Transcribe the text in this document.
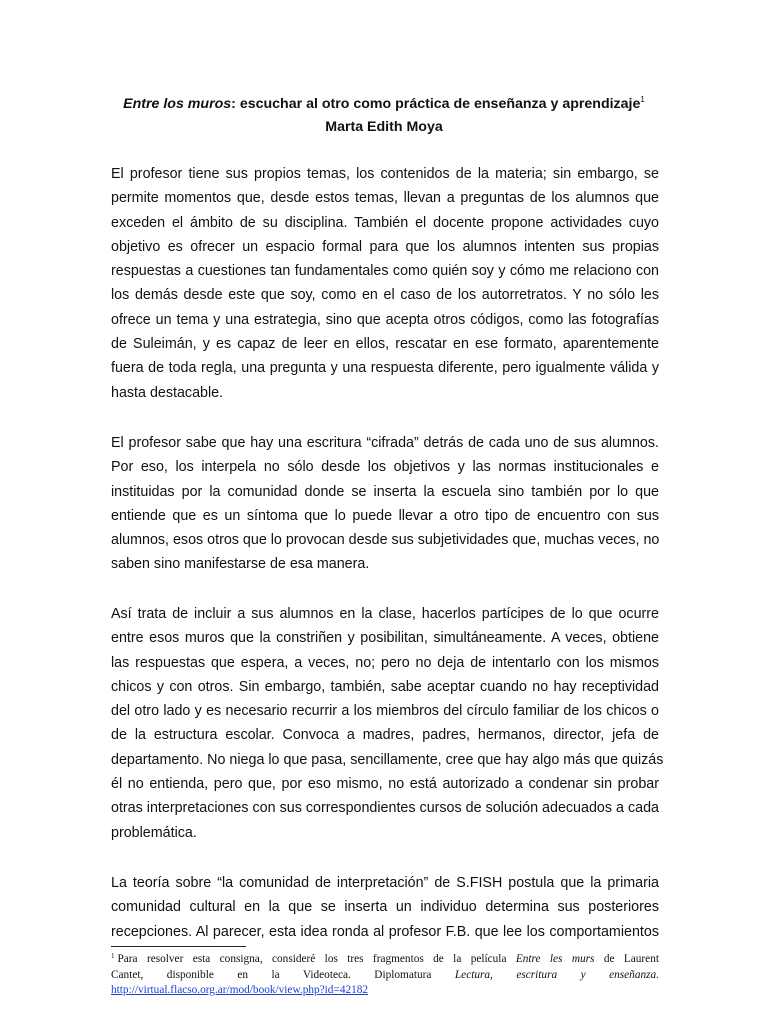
Entre los muros: escuchar al otro como práctica de enseñanza y aprendizaje$^1$
Marta Edith Moya
El profesor tiene sus propios temas, los contenidos de la materia; sin embargo, se
permite momentos que, desde estos temas, llevan a preguntas de los alumnos que
exceden el ámbito de su disciplina. También el docente propone actividades cuyo
objetivo es ofrecer un espacio formal para que los alumnos intenten sus propias
respuestas a cuestiones tan fundamentales como quién soy y cómo me relaciono con
los demás desde este que soy, como en el caso de los autorretratos. Y no sólo les
ofrece un tema y una estrategia, sino que acepta otros códigos, como las fotografías
de Suleimán, y es capaz de leer en ellos, rescatar en ese formato, aparentemente
fuera de toda regla, una pregunta y una respuesta diferente, pero igualmente válida y
hasta destacable.
El profesor sabe que hay una escritura “cifrada” detrás de cada uno de sus alumnos.
Por eso, los interpela no sólo desde los objetivos y las normas institucionales e
instituidas por la comunidad donde se inserta la escuela sino también por lo que
entiende que es un síntoma que lo puede llevar a otro tipo de encuentro con sus
alumnos, esos otros que lo provocan desde sus subjetividades que, muchas veces, no
saben sino manifestarse de esa manera.
Así trata de incluir a sus alumnos en la clase, hacerlos partícipes de lo que ocurre
entre esos muros que la constriñen y posibilitan, simultáneamente. A veces, obtiene
las respuestas que espera, a veces, no; pero no deja de intentarlo con los mismos
chicos y con otros. Sin embargo, también, sabe aceptar cuando no hay receptividad
del otro lado y es necesario recurrir a los miembros del círculo familiar de los chicos o
de la estructura escolar. Convoca a madres, padres, hermanos, director, jefa de
departamento. No niega lo que pasa, sencillamente, cree que hay algo más que quizás
él no entienda, pero que, por eso mismo, no está autorizado a condenar sin probar
otras interpretaciones con sus correspondientes cursos de solución adecuados a cada
problemática.
La teoría sobre “la comunidad de interpretación” de S.FISH postula que la primaria
comunidad cultural en la que se inserta un individuo determina sus posteriores
recepciones. Al parecer, esta idea ronda al profesor F.B. que lee los comportamientos
$^1$ Para resolver esta consigna, consideré los tres fragmentos de la película Entre les murs de Laurent
Cantet, disponible en la Videoteca. Diplomatura Lectura, escritura y enseñanza.
http://virtual.flacso.org.ar/mod/book/view.php?id=42182
